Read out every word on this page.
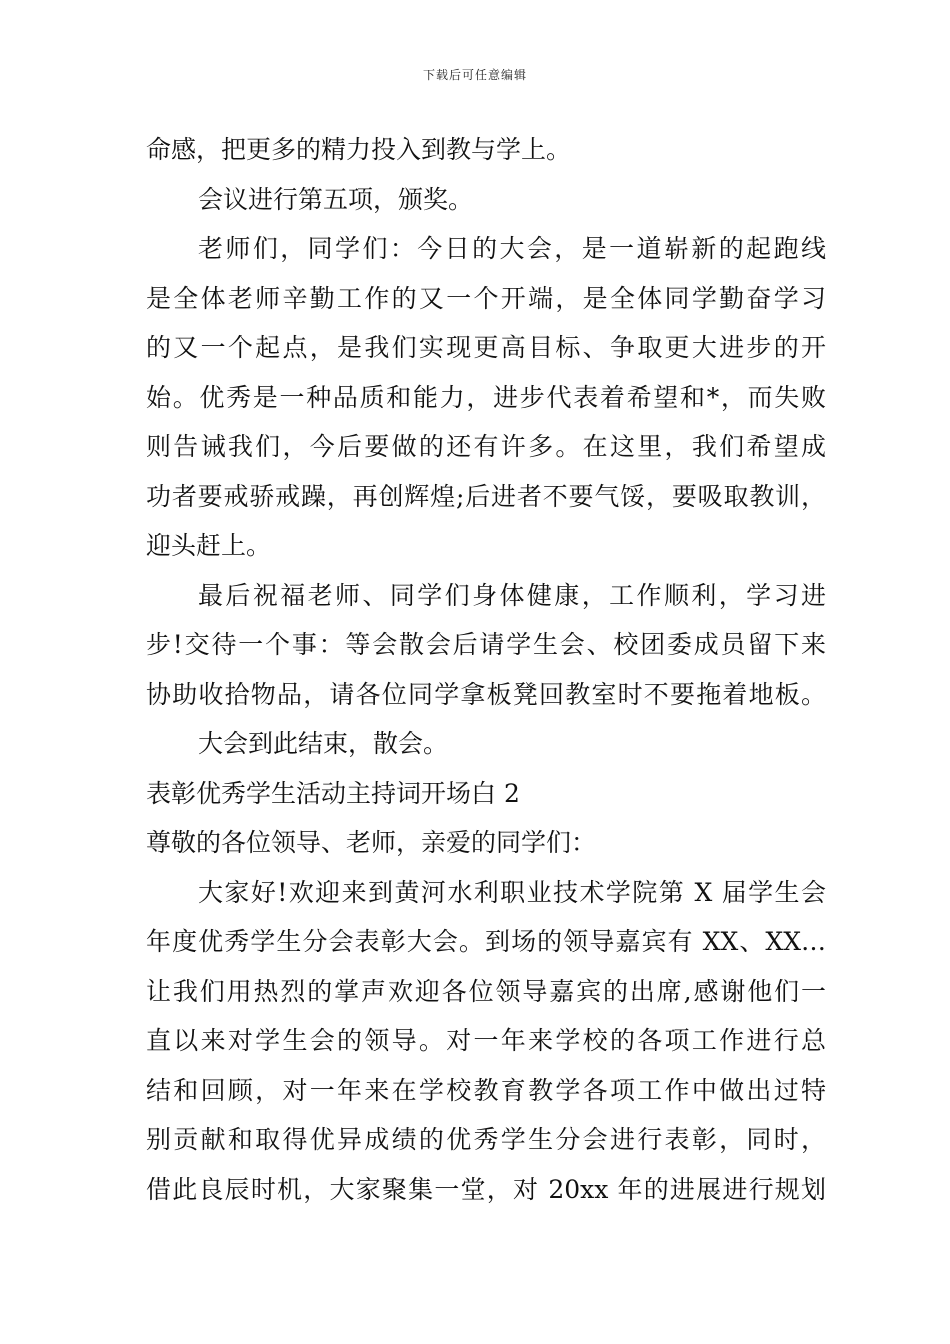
下载后可任意编辑
命感，把更多的精力投入到教与学上。
会议进行第五项，颁奖。
老师们，同学们：今日的大会，是一道崭新的起跑线
是全体老师辛勤工作的又一个开端，是全体同学勤奋学习
的又一个起点，是我们实现更高目标、争取更大进步的开
始。优秀是一种品质和能力，进步代表着希望和*，而失败
则告诫我们，今后要做的还有许多。在这里，我们希望成
功者要戒骄戒躁，再创辉煌;后进者不要气馁，要吸取教训，
迎头赶上。
最后祝福老师、同学们身体健康，工作顺利，学习进
步!交待一个事：等会散会后请学生会、校团委成员留下来
协助收拾物品，请各位同学拿板凳回教室时不要拖着地板。
大会到此结束，散会。
表彰优秀学生活动主持词开场白 2
尊敬的各位领导、老师，亲爱的同学们：
大家好!欢迎来到黄河水利职业技术学院第 X 届学生会
年度优秀学生分会表彰大会。到场的领导嘉宾有 XX、XX…
让我们用热烈的掌声欢迎各位领导嘉宾的出席,感谢他们一
直以来对学生会的领导。对一年来学校的各项工作进行总
结和回顾，对一年来在学校教育教学各项工作中做出过特
别贡献和取得优异成绩的优秀学生分会进行表彰，同时，
借此良辰时机，大家聚集一堂，对 20xx 年的进展进行规划
